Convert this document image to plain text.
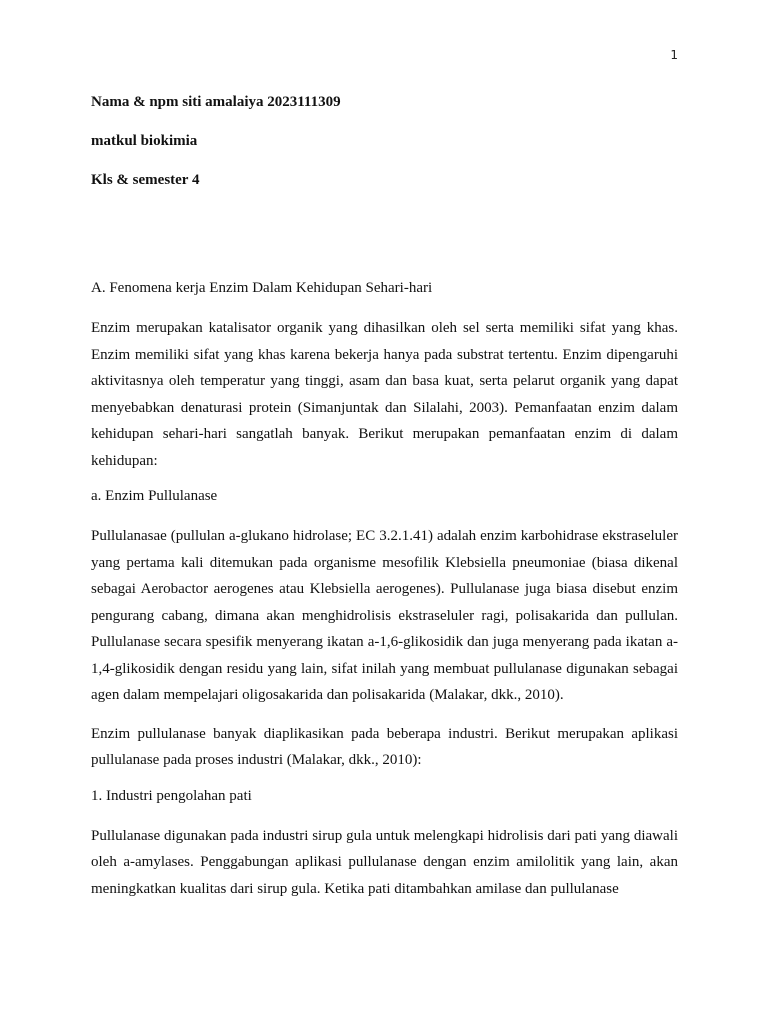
1

Nama & npm siti amalaiya 2023111309

matkul biokimia

Kls & semester 4

A. Fenomena kerja Enzim Dalam Kehidupan Sehari-hari

Enzim merupakan katalisator organik yang dihasilkan oleh sel serta memiliki sifat yang khas. Enzim memiliki sifat yang khas karena bekerja hanya pada substrat tertentu. Enzim dipengaruhi aktivitasnya oleh temperatur yang tinggi, asam dan basa kuat, serta pelarut organik yang dapat menyebabkan denaturasi protein (Simanjuntak dan Silalahi, 2003). Pemanfaatan enzim dalam kehidupan sehari-hari sangatlah banyak. Berikut merupakan pemanfaatan enzim di dalam kehidupan:

a. Enzim Pullulanase

Pullulanasae (pullulan a-glukano hidrolase; EC 3.2.1.41) adalah enzim karbohidrase ekstraseluler yang pertama kali ditemukan pada organisme mesofilik Klebsiella pneumoniae (biasa dikenal sebagai Aerobactor aerogenes atau Klebsiella aerogenes). Pullulanase juga biasa disebut enzim pengurang cabang, dimana akan menghidrolisis ekstraseluler ragi, polisakarida dan pullulan. Pullulanase secara spesifik menyerang ikatan a-1,6-glikosidik dan juga menyerang pada ikatan a-1,4-glikosidik dengan residu yang lain, sifat inilah yang membuat pullulanase digunakan sebagai agen dalam mempelajari oligosakarida dan polisakarida (Malakar, dkk., 2010).

Enzim pullulanase banyak diaplikasikan pada beberapa industri. Berikut merupakan aplikasi pullulanase pada proses industri (Malakar, dkk., 2010):

1. Industri pengolahan pati

Pullulanase digunakan pada industri sirup gula untuk melengkapi hidrolisis dari pati yang diawali oleh a-amylases. Penggabungan aplikasi pullulanase dengan enzim amilolitik yang lain, akan meningkatkan kualitas dari sirup gula. Ketika pati ditambahkan amilase dan pullulanase
